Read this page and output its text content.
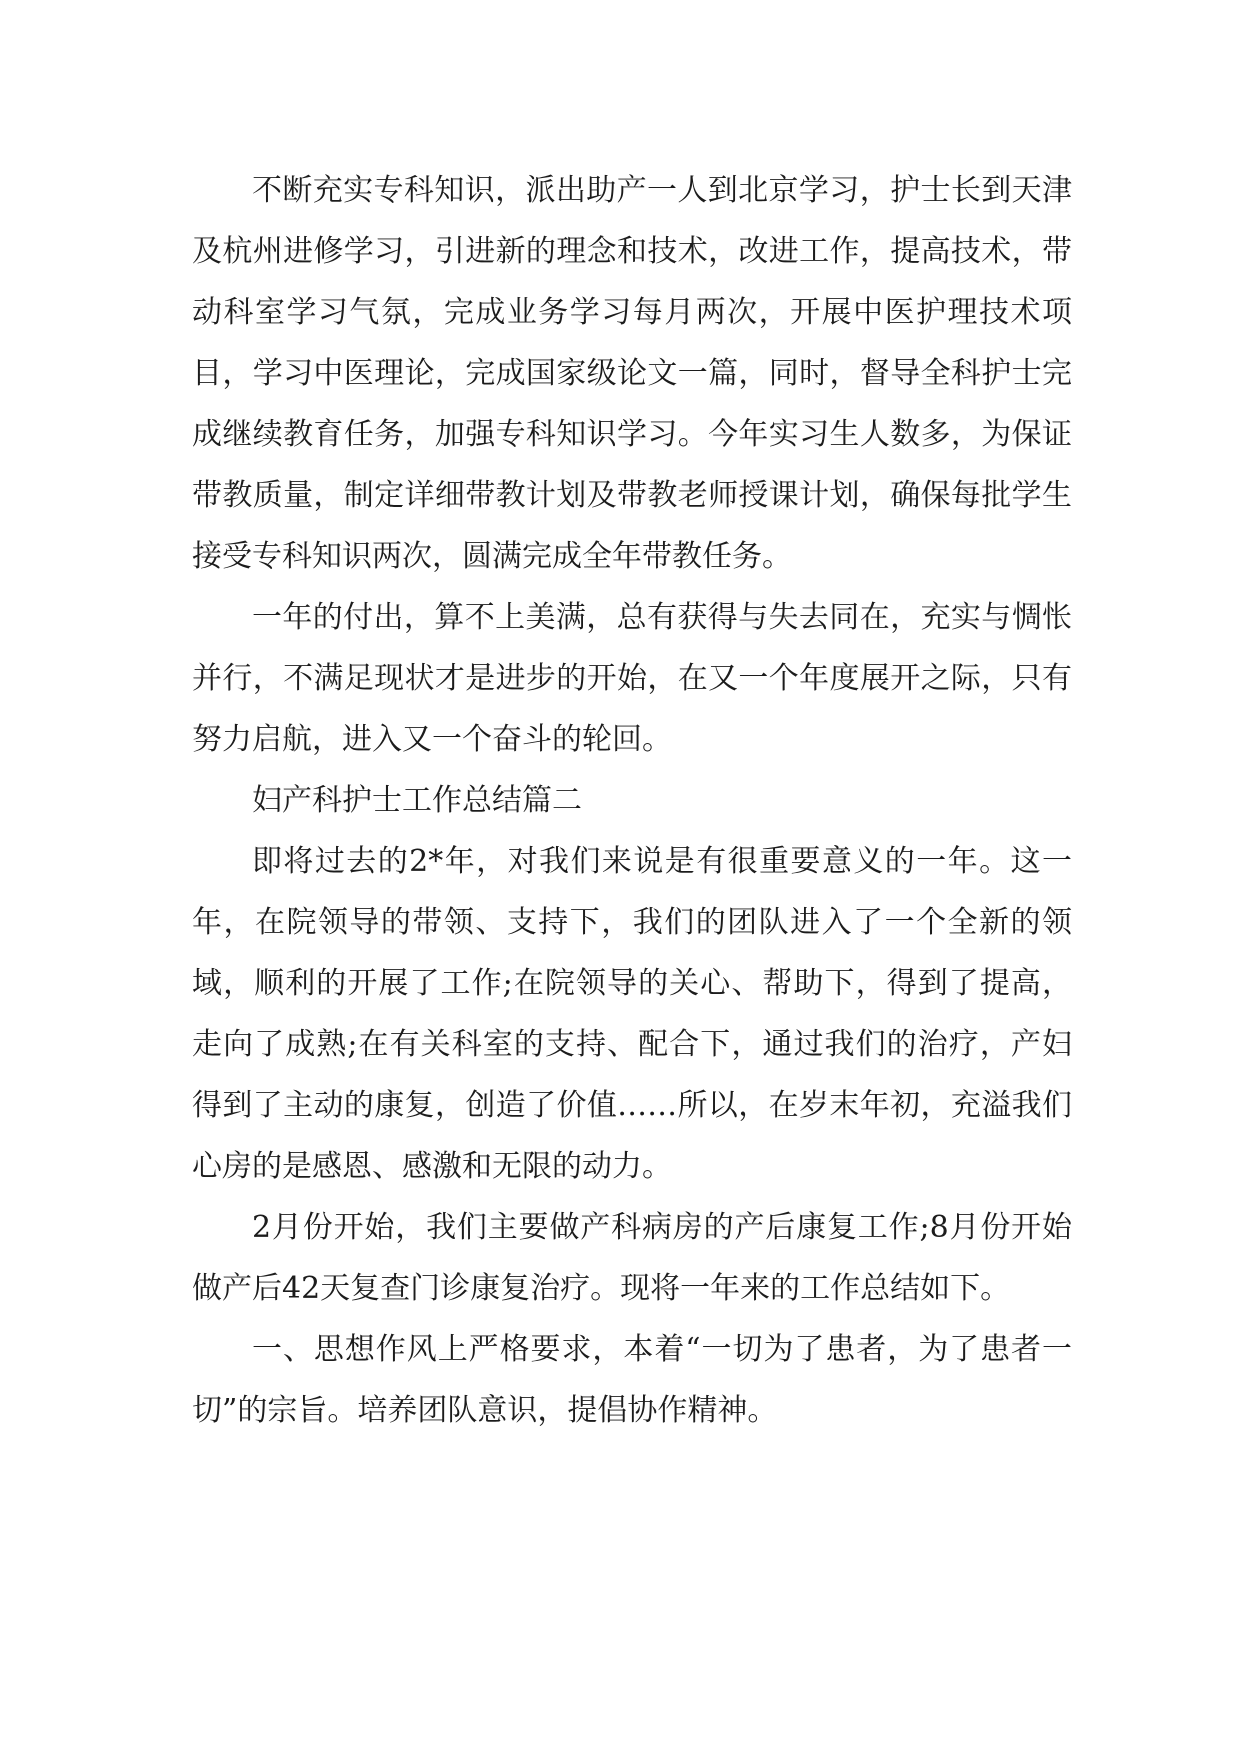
不断充实专科知识，派出助产一人到北京学习，护士长到天津及杭州进修学习，引进新的理念和技术，改进工作，提高技术，带动科室学习气氛，完成业务学习每月两次，开展中医护理技术项目，学习中医理论，完成国家级论文一篇，同时，督导全科护士完成继续教育任务，加强专科知识学习。今年实习生人数多，为保证带教质量，制定详细带教计划及带教老师授课计划，确保每批学生接受专科知识两次，圆满完成全年带教任务。

一年的付出，算不上美满，总有获得与失去同在，充实与惆怅并行，不满足现状才是进步的开始，在又一个年度展开之际，只有努力启航，进入又一个奋斗的轮回。

妇产科护士工作总结篇二

即将过去的2*年，对我们来说是有很重要意义的一年。这一年，在院领导的带领、支持下，我们的团队进入了一个全新的领域，顺利的开展了工作;在院领导的关心、帮助下，得到了提高，走向了成熟;在有关科室的支持、配合下，通过我们的治疗，产妇得到了主动的康复，创造了价值……所以，在岁末年初，充溢我们心房的是感恩、感激和无限的动力。

2月份开始，我们主要做产科病房的产后康复工作;8月份开始做产后42天复查门诊康复治疗。现将一年来的工作总结如下。

一、思想作风上严格要求，本着“一切为了患者，为了患者一切”的宗旨。培养团队意识，提倡协作精神。
